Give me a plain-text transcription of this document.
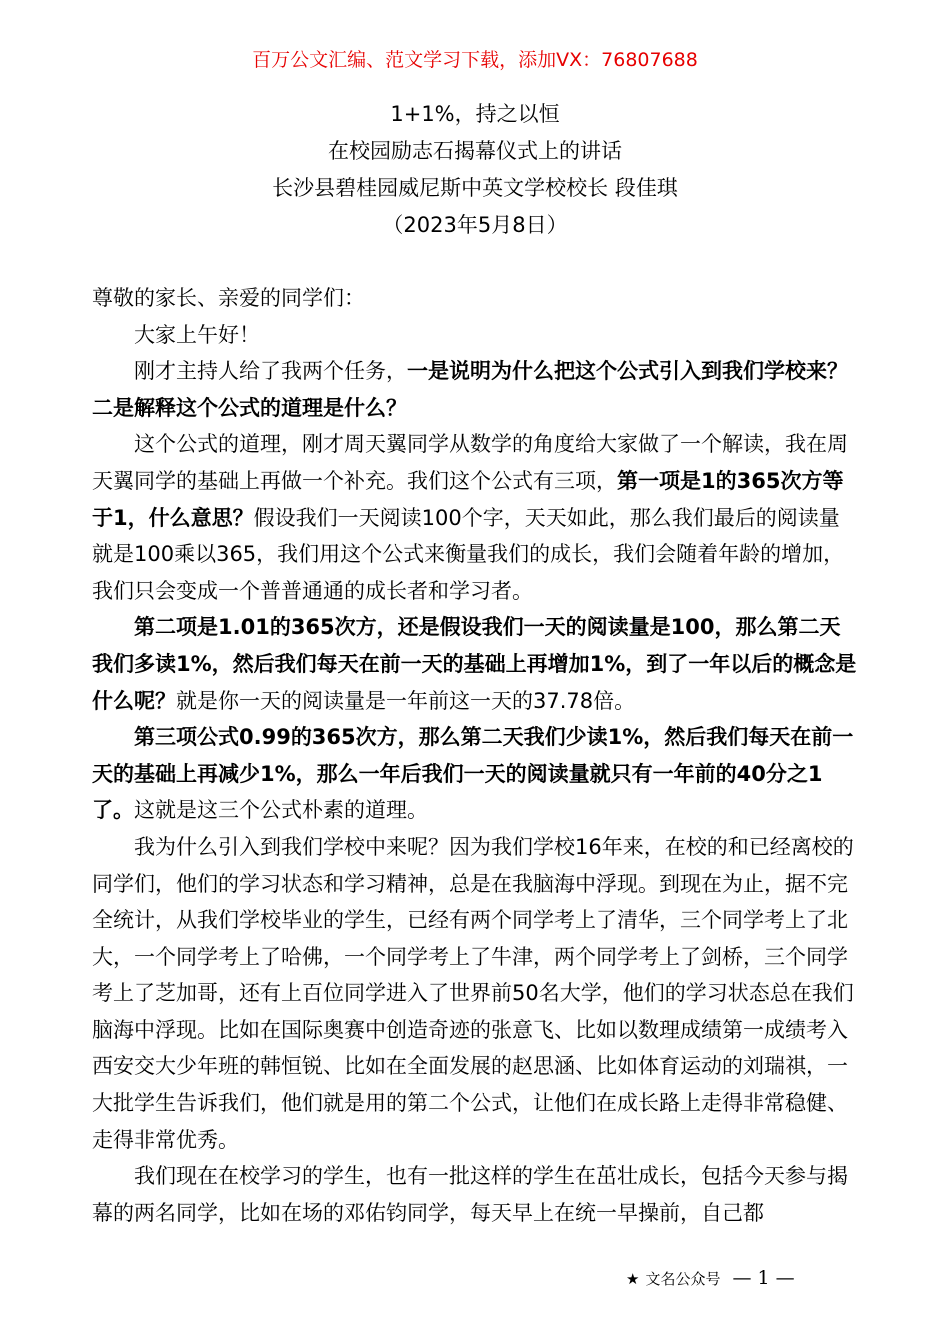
百万公文汇编、范文学习下载，添加VX：76807688
1+1%，持之以恒
在校园励志石揭幕仪式上的讲话
长沙县碧桂园威尼斯中英文学校校长 段佳琪
（2023年5月8日）

尊敬的家长、亲爱的同学们：

大家上午好！

刚才主持人给了我两个任务，一是说明为什么把这个公式引入到我们学校来？二是解释这个公式的道理是什么？

这个公式的道理，刚才周天翼同学从数学的角度给大家做了一个解读，我在周天翼同学的基础上再做一个补充。我们这个公式有三项，第一项是1的365次方等于1，什么意思？假设我们一天阅读100个字，天天如此，那么我们最后的阅读量就是100乘以365，我们用这个公式来衡量我们的成长，我们会随着年龄的增加，我们只会变成一个普普通通的成长者和学习者。

第二项是1.01的365次方，还是假设我们一天的阅读量是100，那么第二天我们多读1%，然后我们每天在前一天的基础上再增加1%，到了一年以后的概念是什么呢？就是你一天的阅读量是一年前这一天的37.78倍。

第三项公式0.99的365次方，那么第二天我们少读1%，然后我们每天在前一天的基础上再减少1%，那么一年后我们一天的阅读量就只有一年前的40分之1了。这就是这三个公式朴素的道理。

我为什么引入到我们学校中来呢？因为我们学校16年来，在校的和已经离校的同学们，他们的学习状态和学习精神，总是在我脑海中浮现。到现在为止，据不完全统计，从我们学校毕业的学生，已经有两个同学考上了清华，三个同学考上了北大，一个同学考上了哈佛，一个同学考上了牛津，两个同学考上了剑桥，三个同学考上了芝加哥，还有上百位同学进入了世界前50名大学，他们的学习状态总在我们脑海中浮现。比如在国际奥赛中创造奇迹的张意飞、比如以数理成绩第一成绩考入西安交大少年班的韩恒锐、比如在全面发展的赵思涵、比如体育运动的刘瑞祺，一大批学生告诉我们，他们就是用的第二个公式，让他们在成长路上走得非常稳健、走得非常优秀。

我们现在在校学习的学生，也有一批这样的学生在茁壮成长，包括今天参与揭幕的两名同学，比如在场的邓佑钧同学，每天早上在统一早操前，自己都

★ 文名公众号 — 1 —
